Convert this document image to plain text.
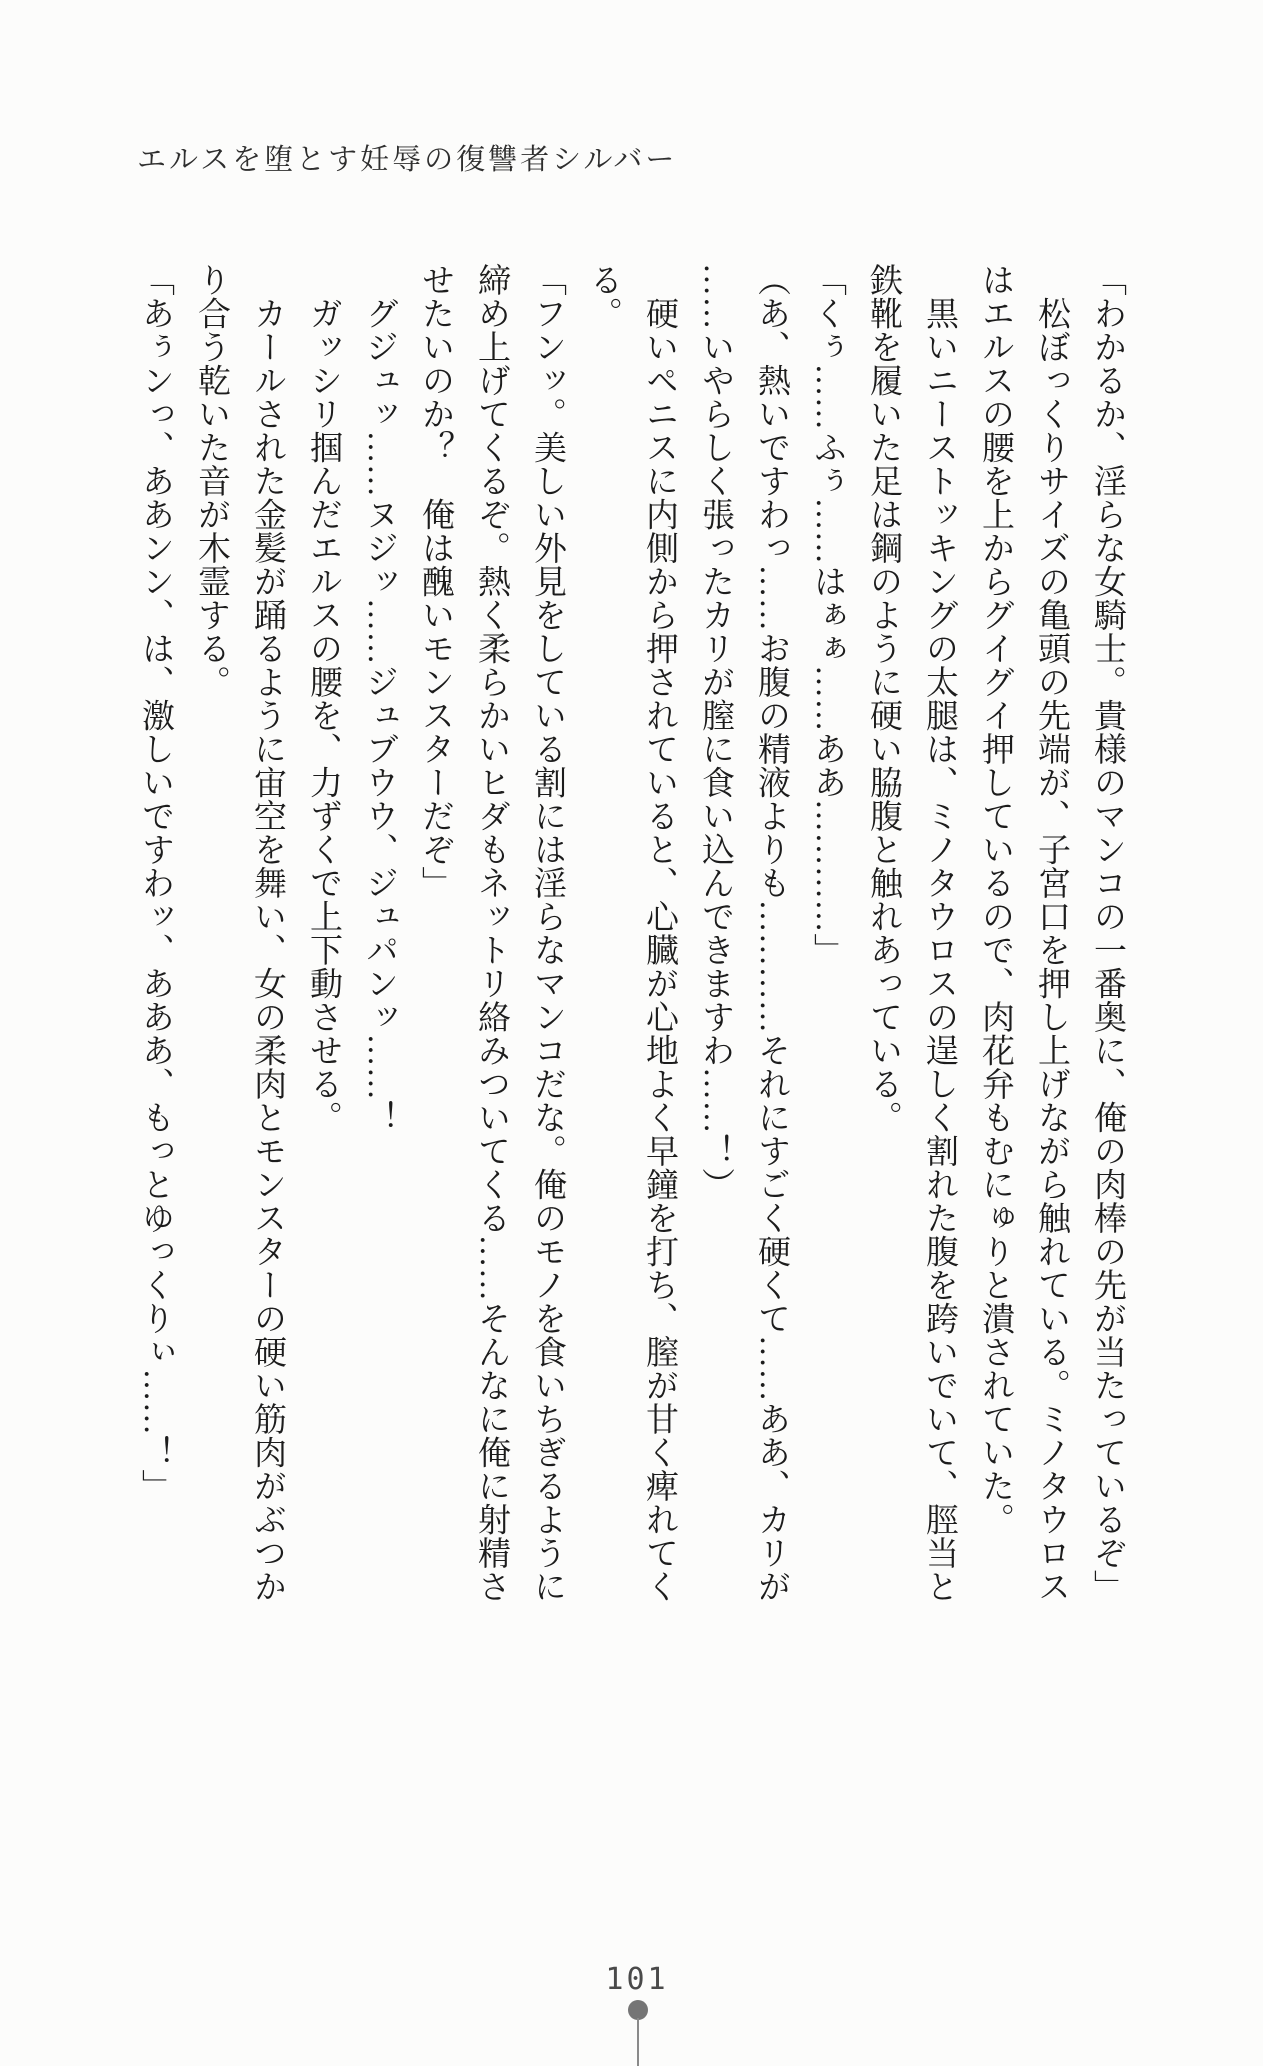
エルスを堕とす妊辱の復讐者シルバー
「わかるか、淫らな女騎士。貴様のマンコの一番奥に、俺の肉棒の先が当たっているぞ」
　松ぼっくりサイズの亀頭の先端が、子宮口を押し上げながら触れている。ミノタウロス
はエルスの腰を上からグイグイ押しているので、肉花弁もむにゅりと潰されていた。
　黒いニーストッキングの太腿は、ミノタウロスの逞しく割れた腹を跨いでいて、脛当と
鉄靴を履いた足は鋼のように硬い脇腹と触れあっている。
「くぅ……ふぅ……はぁぁ……ああ…………」
（あ、熱いですわっ……お腹の精液よりも…………それにすごく硬くて……ああ、カリが
……いやらしく張ったカリが膣に食い込んできますわ……！）
　硬いペニスに内側から押されていると、心臓が心地よく早鐘を打ち、膣が甘く痺れてく
る。
「フンッ。美しい外見をしている割には淫らなマンコだな。俺のモノを食いちぎるように
締め上げてくるぞ。熱く柔らかいヒダもネットリ絡みついてくる……そんなに俺に射精さ
せたいのか？　俺は醜いモンスターだぞ」
　グジュッ……ヌジッ……ジュブウウ、ジュパンッ……！
　ガッシリ掴んだエルスの腰を、力ずくで上下動させる。
　カールされた金髪が踊るように宙空を舞い、女の柔肉とモンスターの硬い筋肉がぶつか
り合う乾いた音が木霊する。
「あぅンっ、ああンン、は、激しいですわッ、あああ、もっとゆっくりぃ……！」
101
